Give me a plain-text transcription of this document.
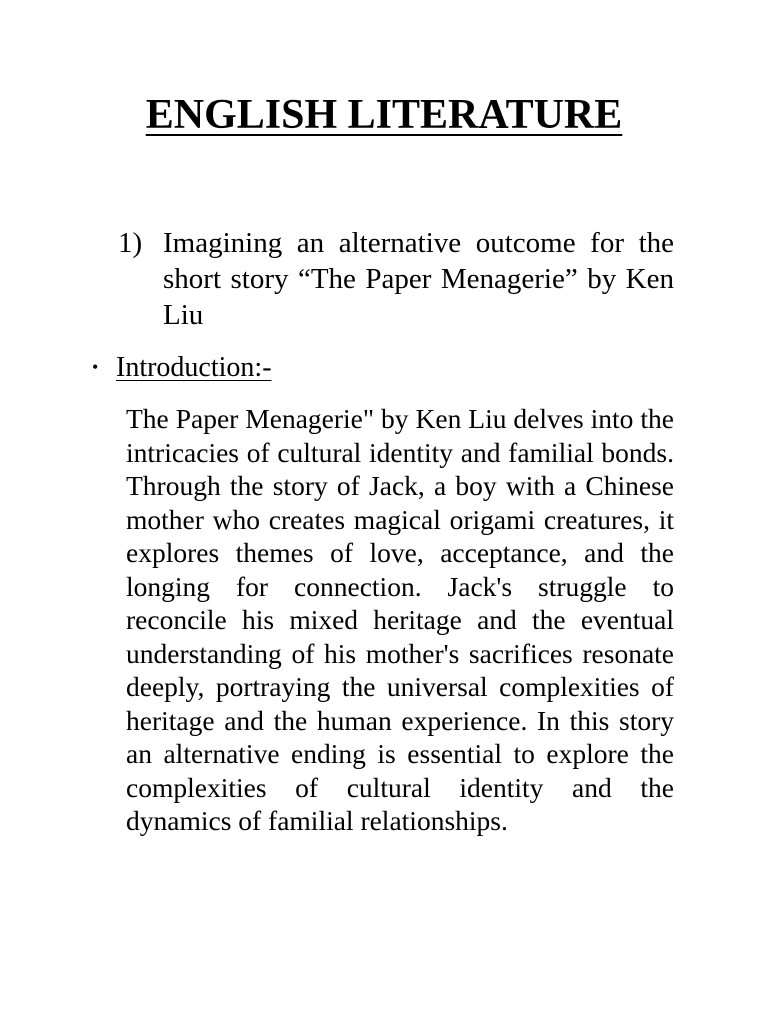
ENGLISH LITERATURE
1) Imagining an alternative outcome for the short story “The Paper Menagerie” by Ken Liu
• Introduction:-

The Paper Menagerie" by Ken Liu delves into the intricacies of cultural identity and familial bonds. Through the story of Jack, a boy with a Chinese mother who creates magical origami creatures, it explores themes of love, acceptance, and the longing for connection. Jack's struggle to reconcile his mixed heritage and the eventual understanding of his mother's sacrifices resonate deeply, portraying the universal complexities of heritage and the human experience. In this story an alternative ending is essential to explore the complexities of cultural identity and the dynamics of familial relationships.
